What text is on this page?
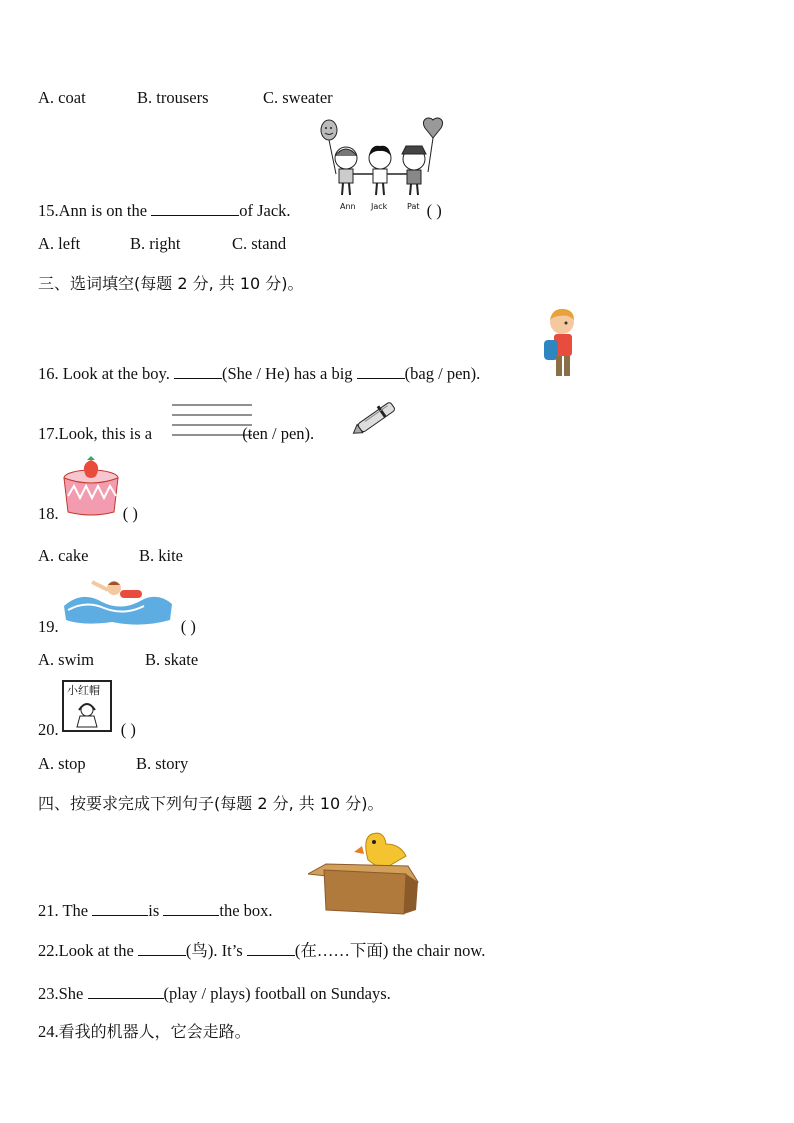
A. coat	B. trousers	C. sweater
Ann Jack Pat
15.Ann is on the	of Jack.	( )
A. left	B. right	C. stand
三、选词填空(每题 2 分, 共 10 分)。
16. Look at the boy.	(She / He) has a big	(bag / pen).
17.Look, this is a	(ten / pen).
18.	( )
A. cake	B. kite
19.	( )
A. swim	B. skate
小红帽
20.	( )
A. stop	B. story
四、按要求完成下列句子(每题 2 分, 共 10 分)。
21. The	is	the box.
22.Look at the	(鸟). It’s	(在……下面) the chair now.
23.She	(play / plays) football on Sundays.
24.看我的机器人，它会走路。
